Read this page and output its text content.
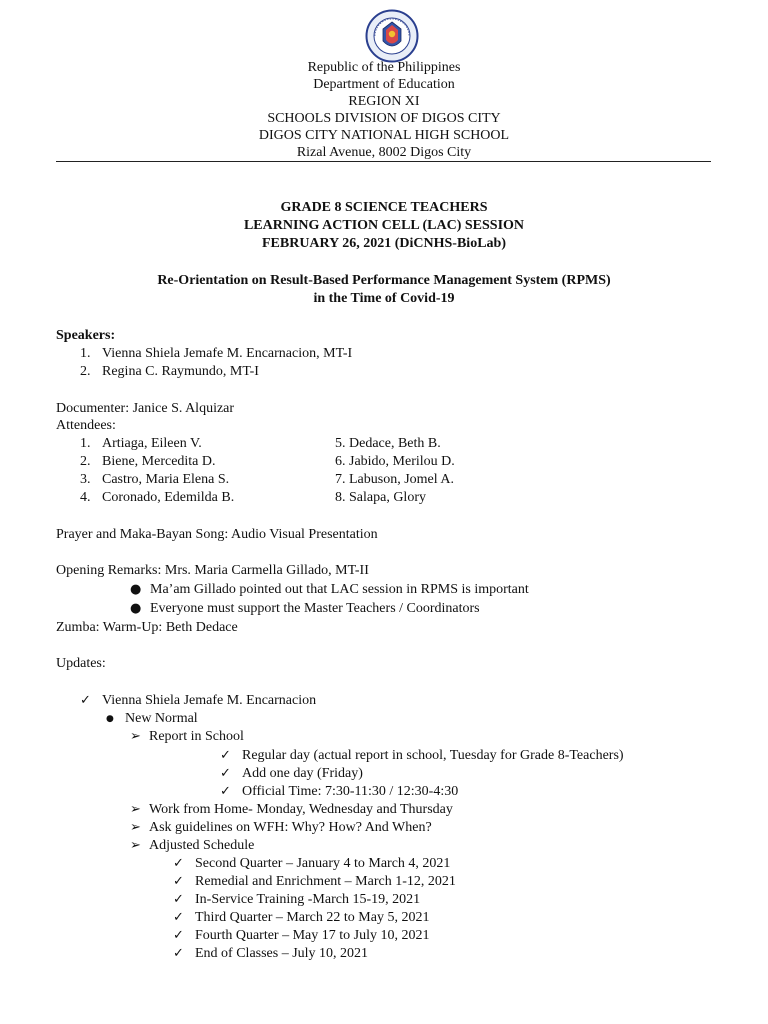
Republic of the Philippines
Department of Education
REGION XI
SCHOOLS DIVISION OF DIGOS CITY
DIGOS CITY NATIONAL HIGH SCHOOL
Rizal Avenue, 8002 Digos City
GRADE 8 SCIENCE TEACHERS
LEARNING ACTION CELL (LAC) SESSION
FEBRUARY 26, 2021 (DiCNHS-BioLab)
Re-Orientation on Result-Based Performance Management System (RPMS)
in the Time of Covid-19
Speakers:
1. Vienna Shiela Jemafe M. Encarnacion, MT-I
2. Regina C. Raymundo, MT-I
Documenter: Janice S. Alquizar
Attendees:
1. Artiaga, Eileen V.
2. Biene, Mercedita D.
3. Castro, Maria Elena S.
4. Coronado, Edemilda B.
5. Dedace, Beth B.
6. Jabido, Merilou D.
7. Labuson, Jomel A.
8. Salapa, Glory
Prayer and Maka-Bayan Song: Audio Visual Presentation
Opening Remarks: Mrs. Maria Carmella Gillado, MT-II
● Ma’am Gillado pointed out that LAC session in RPMS is important
● Everyone must support the Master Teachers / Coordinators
Zumba: Warm-Up: Beth Dedace
Updates:
✓ Vienna Shiela Jemafe M. Encarnacion
● New Normal
➢ Report in School
✓ Regular day (actual report in school, Tuesday for Grade 8-Teachers)
✓ Add one day (Friday)
✓ Official Time: 7:30-11:30 / 12:30-4:30
➢ Work from Home- Monday, Wednesday and Thursday
➢ Ask guidelines on WFH: Why? How? And When?
➢ Adjusted Schedule
✓ Second Quarter – January 4 to March 4, 2021
✓ Remedial and Enrichment – March 1-12, 2021
✓ In-Service Training -March 15-19, 2021
✓ Third Quarter – March 22 to May 5, 2021
✓ Fourth Quarter – May 17 to July 10, 2021
✓ End of Classes – July 10, 2021
